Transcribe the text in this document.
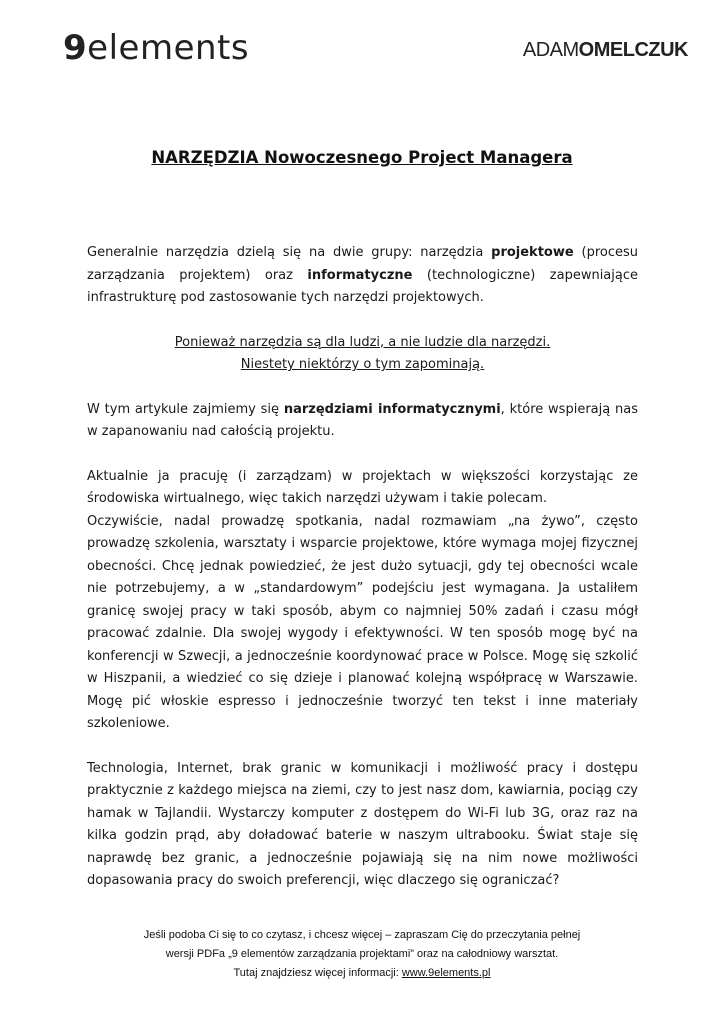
9elements	ADAMOMELCZUK
NARZĘDZIA Nowoczesnego Project Managera

Generalnie narzędzia dzielą się na dwie grupy: narzędzia projektowe (procesu zarządzania projektem) oraz informatyczne (technologiczne) zapewniające infrastrukturę pod zastosowanie tych narzędzi projektowych.

Ponieważ narzędzia są dla ludzi, a nie ludzie dla narzędzi.

Niestety niektórzy o tym zapominają.

W tym artykule zajmiemy się narzędziami informatycznymi, które wspierają nas w zapanowaniu nad całością projektu.

Aktualnie ja pracuję (i zarządzam) w projektach w większości korzystając ze środowiska wirtualnego, więc takich narzędzi używam i takie polecam.

Oczywiście, nadal prowadzę spotkania, nadal rozmawiam „na żywo”, często prowadzę szkolenia, warsztaty i wsparcie projektowe, które wymaga mojej fizycznej obecności. Chcę jednak powiedzieć, że jest dużo sytuacji, gdy tej obecności wcale nie potrzebujemy, a w „standardowym” podejściu jest wymagana. Ja ustaliłem granicę swojej pracy w taki sposób, abym co najmniej 50% zadań i czasu mógł pracować zdalnie. Dla swojej wygody i efektywności. W ten sposób mogę być na konferencji w Szwecji, a jednocześnie koordynować prace w Polsce. Mogę się szkolić w Hiszpanii, a wiedzieć co się dzieje i planować kolejną współpracę w Warszawie. Mogę pić włoskie espresso i jednocześnie tworzyć ten tekst i inne materiały szkoleniowe.

Technologia, Internet, brak granic w komunikacji i możliwość pracy i dostępu praktycznie z każdego miejsca na ziemi, czy to jest nasz dom, kawiarnia, pociąg czy hamak w Tajlandii. Wystarczy komputer z dostępem do Wi-Fi lub 3G, oraz raz na kilka godzin prąd, aby doładować baterie w naszym ultrabooku. Świat staje się naprawdę bez granic, a jednocześnie pojawiają się na nim nowe możliwości dopasowania pracy do swoich preferencji, więc dlaczego się ograniczać?

Jeśli podoba Ci się to co czytasz, i chcesz więcej – zapraszam Cię do przeczytania pełnej
wersji PDFa „9 elementów zarządzania projektami” oraz na całodniowy warsztat.
Tutaj znajdziesz więcej informacji: www.9elements.pl
